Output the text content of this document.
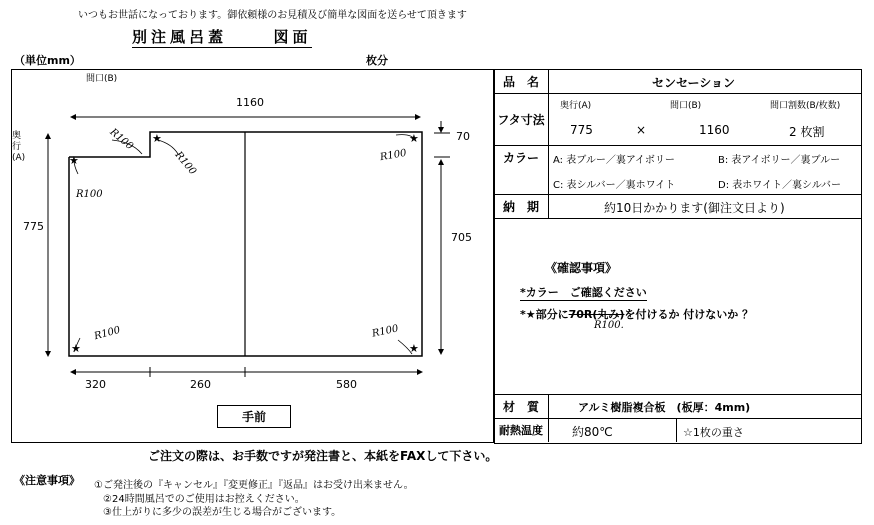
いつもお世話になっております。御依頼様のお見積及び簡単な図面を送らせて頂きます
別注風呂蓋	図面
（単位mm）	枚分
間口(B)
奥
行
(A)	★
★	★
★	★
1160
775
705
70
320	260	580
R100
R100	R100
R100
R100	R100
手前
品　名	センセーション
フタ寸法
奥行(A)	間口(B)	間口割数(B/枚数)
775	×	1160	2 枚割
カラー	A: 表ブルー／裏アイボリー	B: 表アイボリー／裏ブルー
C: 表シルバー／裏ホワイト	D: 表ホワイト／裏シルバー
納　期	約10日かかります(御注文日より)
《確認事項》
*カラー　ご確認ください
*★部分に70R(丸み)を付けるか 付けないか ？
R100.
材　質	アルミ樹脂複合板　(板厚：4mm)
耐熱温度	約80℃	☆1枚の重さ
ご注文の際は、お手数ですが発注書と、本紙をFAXして下さい。
《注意事項》 ①ご発注後の『キャンセル』『変更修正』『返品』はお受け出来ません。
②24時間風呂でのご使用はお控えください。
③仕上がりに多少の誤差が生じる場合がございます。
